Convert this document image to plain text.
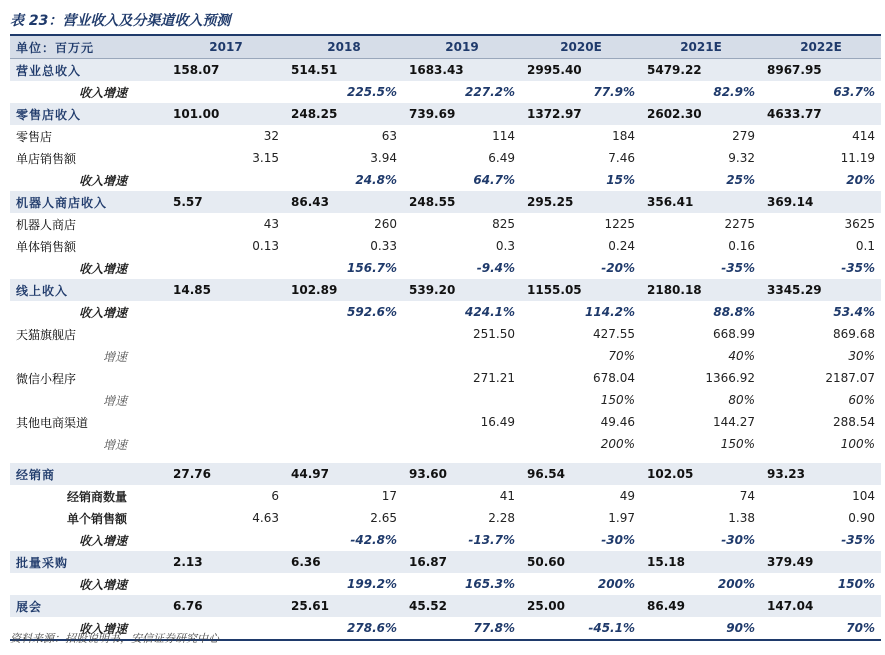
表 23：营业收入及分渠道收入预测
单位：百万元	2017	2018	2019	2020E	2021E	2022E
营业总收入	158.07	514.51	1683.43	2995.40	5479.22	8967.95
收入增速		225.5%	227.2%	77.9%	82.9%	63.7%
零售店收入	101.00	248.25	739.69	1372.97	2602.30	4633.77
零售店	32	63	114	184	279	414
单店销售额	3.15	3.94	6.49	7.46	9.32	11.19
收入增速		24.8%	64.7%	15%	25%	20%
机器人商店收入	5.57	86.43	248.55	295.25	356.41	369.14
机器人商店	43	260	825	1225	2275	3625
单体销售额	0.13	0.33	0.3	0.24	0.16	0.1
收入增速		156.7%	-9.4%	-20%	-35%	-35%
线上收入	14.85	102.89	539.20	1155.05	2180.18	3345.29
收入增速		592.6%	424.1%	114.2%	88.8%	53.4%
天猫旗舰店			251.50	427.55	668.99	869.68
增速				70%	40%	30%
微信小程序			271.21	678.04	1366.92	2187.07
增速				150%	80%	60%
其他电商渠道			16.49	49.46	144.27	288.54
增速				200%	150%	100%

经销商	27.76	44.97	93.60	96.54	102.05	93.23
经销商数量	6	17	41	49	74	104
单个销售额	4.63	2.65	2.28	1.97	1.38	0.90
收入增速		-42.8%	-13.7%	-30%	-30%	-35%
批量采购	2.13	6.36	16.87	50.60	15.18	379.49
收入增速		199.2%	165.3%	200%	200%	150%
展会	6.76	25.61	45.52	25.00	86.49	147.04
收入增速		278.6%	77.8%	-45.1%	90%	70%
资料来源：招股说明书，安信证券研究中心
